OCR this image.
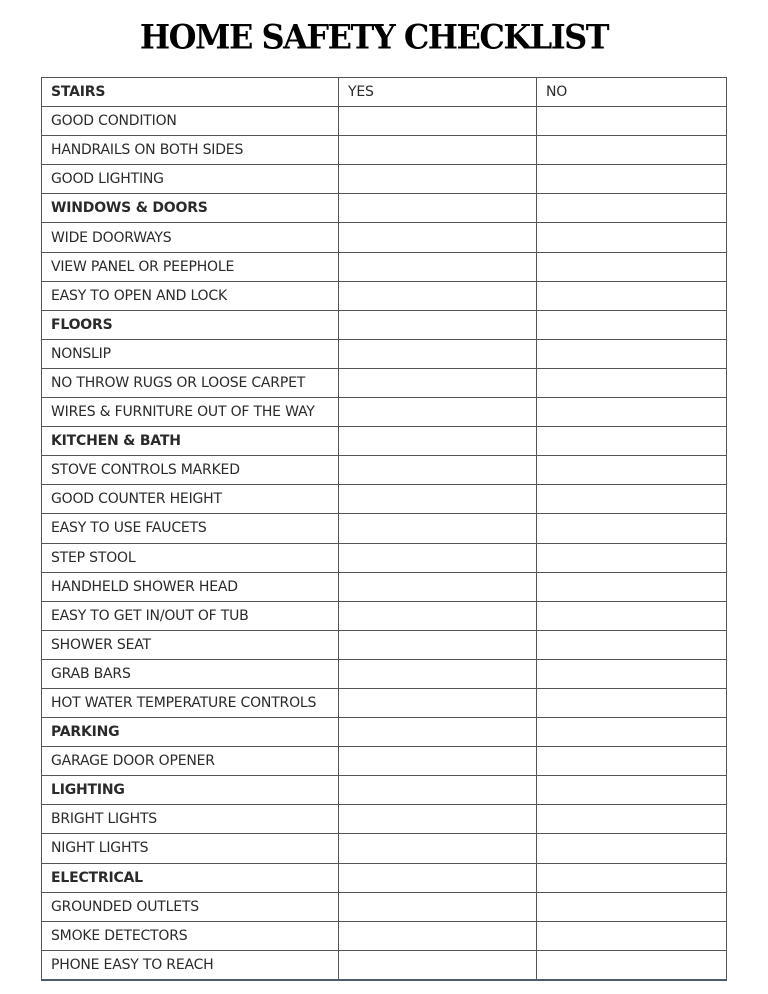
HOME SAFETY CHECKLIST
STAIRS	YES	NO
GOOD CONDITION		
HANDRAILS ON BOTH SIDES		
GOOD LIGHTING		
WINDOWS & DOORS		
WIDE DOORWAYS		
VIEW PANEL OR PEEPHOLE		
EASY TO OPEN AND LOCK		
FLOORS		
NONSLIP		
NO THROW RUGS OR LOOSE CARPET		
WIRES & FURNITURE OUT OF THE WAY		
KITCHEN & BATH		
STOVE CONTROLS MARKED		
GOOD COUNTER HEIGHT		
EASY TO USE FAUCETS		
STEP STOOL		
HANDHELD SHOWER HEAD		
EASY TO GET IN/OUT OF TUB		
SHOWER SEAT		
GRAB BARS		
HOT WATER TEMPERATURE CONTROLS		
PARKING		
GARAGE DOOR OPENER		
LIGHTING		
BRIGHT LIGHTS		
NIGHT LIGHTS		
ELECTRICAL		
GROUNDED OUTLETS		
SMOKE DETECTORS		
PHONE EASY TO REACH		
